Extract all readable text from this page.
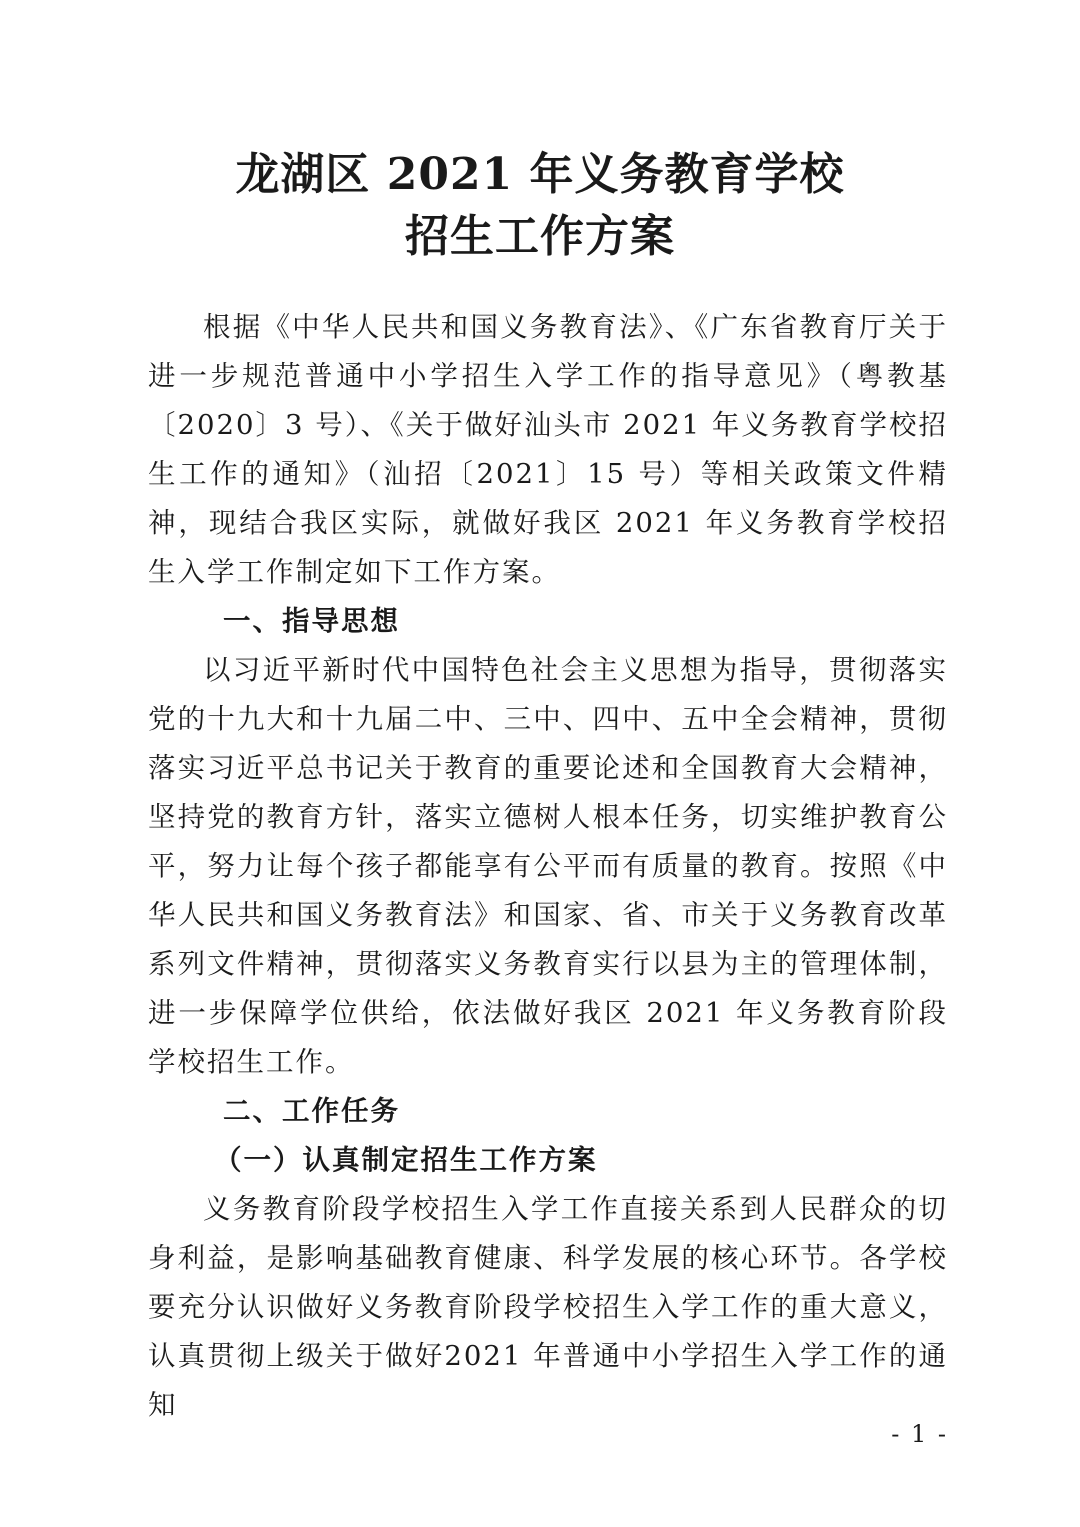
龙湖区 2021 年义务教育学校
招生工作方案

根据《中华人民共和国义务教育法》、《广东省教育厅关于进一步规范普通中小学招生入学工作的指导意见》（粤教基〔2020〕3 号）、《关于做好汕头市 2021 年义务教育学校招生工作的通知》（汕招〔2021〕15 号）等相关政策文件精神，现结合我区实际，就做好我区 2021 年义务教育学校招生入学工作制定如下工作方案。

一、指导思想

以习近平新时代中国特色社会主义思想为指导，贯彻落实党的十九大和十九届二中、三中、四中、五中全会精神，贯彻落实习近平总书记关于教育的重要论述和全国教育大会精神，坚持党的教育方针，落实立德树人根本任务，切实维护教育公平，努力让每个孩子都能享有公平而有质量的教育。按照《中华人民共和国义务教育法》和国家、省、市关于义务教育改革系列文件精神，贯彻落实义务教育实行以县为主的管理体制，进一步保障学位供给，依法做好我区 2021 年义务教育阶段学校招生工作。

二、工作任务
（一）认真制定招生工作方案

义务教育阶段学校招生入学工作直接关系到人民群众的切身利益，是影响基础教育健康、科学发展的核心环节。各学校要充分认识做好义务教育阶段学校招生入学工作的重大意义，认真贯彻上级关于做好2021 年普通中小学招生入学工作的通知

- 1 -
